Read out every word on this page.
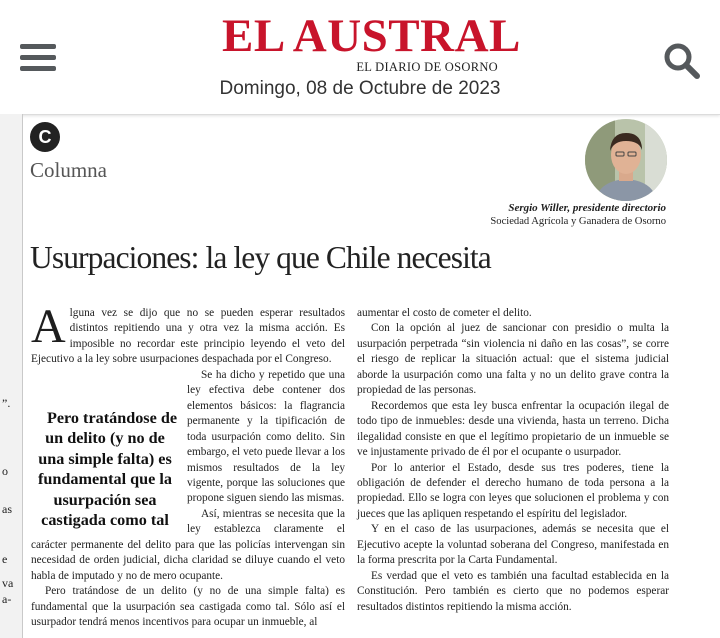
EL AUSTRAL
EL DIARIO DE OSORNO
Domingo, 08 de Octubre de 2023
”.
o
as
e
va
a-
C
Columna
Sergio Willer, presidente directorio
Sociedad Agrícola y Ganadera de Osorno
Usurpaciones: la ley que Chile necesita

Alguna vez se dijo que no se pueden esperar resultados distintos repitiendo una y otra vez la misma acción. Es imposible no recordar este principio leyendo el veto del Ejecutivo a la ley sobre usurpaciones despachada por el Congreso.

Pero tratándose de un delito (y no de una simple falta) es fundamental que la usurpación sea castigada como tal
Se ha dicho y repetido que una ley efectiva debe contener dos elementos básicos: la flagrancia permanente y la tipificación de toda usurpación como delito. Sin embargo, el veto puede llevar a los mismos resultados de la ley vigente, porque las soluciones que propone siguen siendo las mismas.

Así, mientras se necesita que la ley establezca claramente el carácter permanente del delito para que las policías intervengan sin necesidad de orden judicial, dicha claridad se diluye cuando el veto habla de imputado y no de mero ocupante.

Pero tratándose de un delito (y no de una simple falta) es fundamental que la usurpación sea castigada como tal. Sólo así el usurpador tendrá menos incentivos para ocupar un inmueble, al

aumentar el costo de cometer el delito.

Con la opción al juez de sancionar con presidio o multa la usurpación perpetrada “sin violencia ni daño en las cosas”, se corre el riesgo de replicar la situación actual: que el sistema judicial aborde la usurpación como una falta y no un delito grave contra la propiedad de las personas.

Recordemos que esta ley busca enfrentar la ocupación ilegal de todo tipo de inmuebles: desde una vivienda, hasta un terreno. Dicha ilegalidad consiste en que el legítimo propietario de un inmueble se ve injustamente privado de él por el ocupante o usurpador.

Por lo anterior el Estado, desde sus tres poderes, tiene la obligación de defender el derecho humano de toda persona a la propiedad. Ello se logra con leyes que solucionen el problema y con jueces que las apliquen respetando el espíritu del legislador.

Y en el caso de las usurpaciones, además se necesita que el Ejecutivo acepte la voluntad soberana del Congreso, manifestada en la forma prescrita por la Carta Fundamental.

Es verdad que el veto es también una facultad establecida en la Constitución. Pero también es cierto que no podemos esperar resultados distintos repitiendo la misma acción.
